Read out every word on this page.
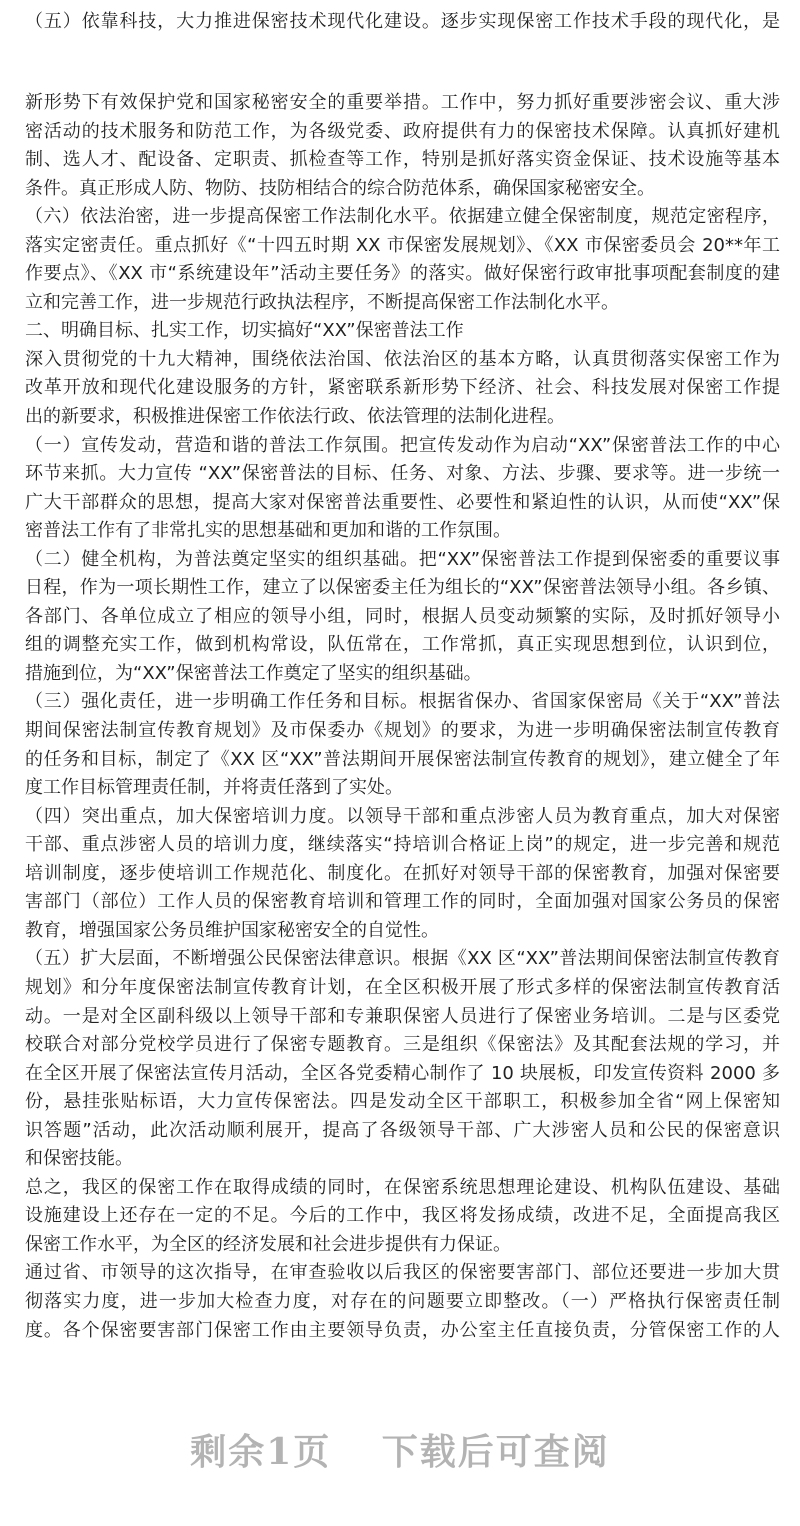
（五）依靠科技，大力推进保密技术现代化建设。逐步实现保密工作技术手段的现代化，是
新形势下有效保护党和国家秘密安全的重要举措。工作中，努力抓好重要涉密会议、重大涉
密活动的技术服务和防范工作，为各级党委、政府提供有力的保密技术保障。认真抓好建机
制、选人才、配设备、定职责、抓检查等工作，特别是抓好落实资金保证、技术设施等基本
条件。真正形成人防、物防、技防相结合的综合防范体系，确保国家秘密安全。
（六）依法治密，进一步提高保密工作法制化水平。依据建立健全保密制度，规范定密程序，
落实定密责任。重点抓好《“十四五时期 XX 市保密发展规划》、《XX 市保密委员会 20**年工
作要点》、《XX 市“系统建设年”活动主要任务》的落实。做好保密行政审批事项配套制度的建
立和完善工作，进一步规范行政执法程序，不断提高保密工作法制化水平。
二、明确目标、扎实工作，切实搞好“XX”保密普法工作
深入贯彻党的十九大精神，围绕依法治国、依法治区的基本方略，认真贯彻落实保密工作为
改革开放和现代化建设服务的方针，紧密联系新形势下经济、社会、科技发展对保密工作提
出的新要求，积极推进保密工作依法行政、依法管理的法制化进程。
（一）宣传发动，营造和谐的普法工作氛围。把宣传发动作为启动“XX”保密普法工作的中心
环节来抓。大力宣传 “XX”保密普法的目标、任务、对象、方法、步骤、要求等。进一步统一
广大干部群众的思想，提高大家对保密普法重要性、必要性和紧迫性的认识，从而使“XX”保
密普法工作有了非常扎实的思想基础和更加和谐的工作氛围。
（二）健全机构，为普法奠定坚实的组织基础。把“XX”保密普法工作提到保密委的重要议事
日程，作为一项长期性工作，建立了以保密委主任为组长的“XX”保密普法领导小组。各乡镇、
各部门、各单位成立了相应的领导小组，同时，根据人员变动频繁的实际，及时抓好领导小
组的调整充实工作，做到机构常设，队伍常在，工作常抓，真正实现思想到位，认识到位，
措施到位，为“XX”保密普法工作奠定了坚实的组织基础。
（三）强化责任，进一步明确工作任务和目标。根据省保办、省国家保密局《关于“XX”普法
期间保密法制宣传教育规划》及市保委办《规划》的要求，为进一步明确保密法制宣传教育
的任务和目标，制定了《XX 区“XX”普法期间开展保密法制宣传教育的规划》，建立健全了年
度工作目标管理责任制，并将责任落到了实处。
（四）突出重点，加大保密培训力度。以领导干部和重点涉密人员为教育重点，加大对保密
干部、重点涉密人员的培训力度，继续落实“持培训合格证上岗”的规定，进一步完善和规范
培训制度，逐步使培训工作规范化、制度化。在抓好对领导干部的保密教育，加强对保密要
害部门（部位）工作人员的保密教育培训和管理工作的同时，全面加强对国家公务员的保密
教育，增强国家公务员维护国家秘密安全的自觉性。
（五）扩大层面，不断增强公民保密法律意识。根据《XX 区“XX”普法期间保密法制宣传教育
规划》和分年度保密法制宣传教育计划，在全区积极开展了形式多样的保密法制宣传教育活
动。一是对全区副科级以上领导干部和专兼职保密人员进行了保密业务培训。二是与区委党
校联合对部分党校学员进行了保密专题教育。三是组织《保密法》及其配套法规的学习，并
在全区开展了保密法宣传月活动，全区各党委精心制作了 10 块展板，印发宣传资料 2000 多
份，悬挂张贴标语，大力宣传保密法。四是发动全区干部职工，积极参加全省“网上保密知
识答题”活动，此次活动顺利展开，提高了各级领导干部、广大涉密人员和公民的保密意识
和保密技能。
总之，我区的保密工作在取得成绩的同时，在保密系统思想理论建设、机构队伍建设、基础
设施建设上还存在一定的不足。今后的工作中，我区将发扬成绩，改进不足，全面提高我区
保密工作水平，为全区的经济发展和社会进步提供有力保证。
通过省、市领导的这次指导，在审查验收以后我区的保密要害部门、部位还要进一步加大贯
彻落实力度，进一步加大检查力度，对存在的问题要立即整改。（一）严格执行保密责任制
度。各个保密要害部门保密工作由主要领导负责，办公室主任直接负责，分管保密工作的人
剩余1页 下载后可查阅
